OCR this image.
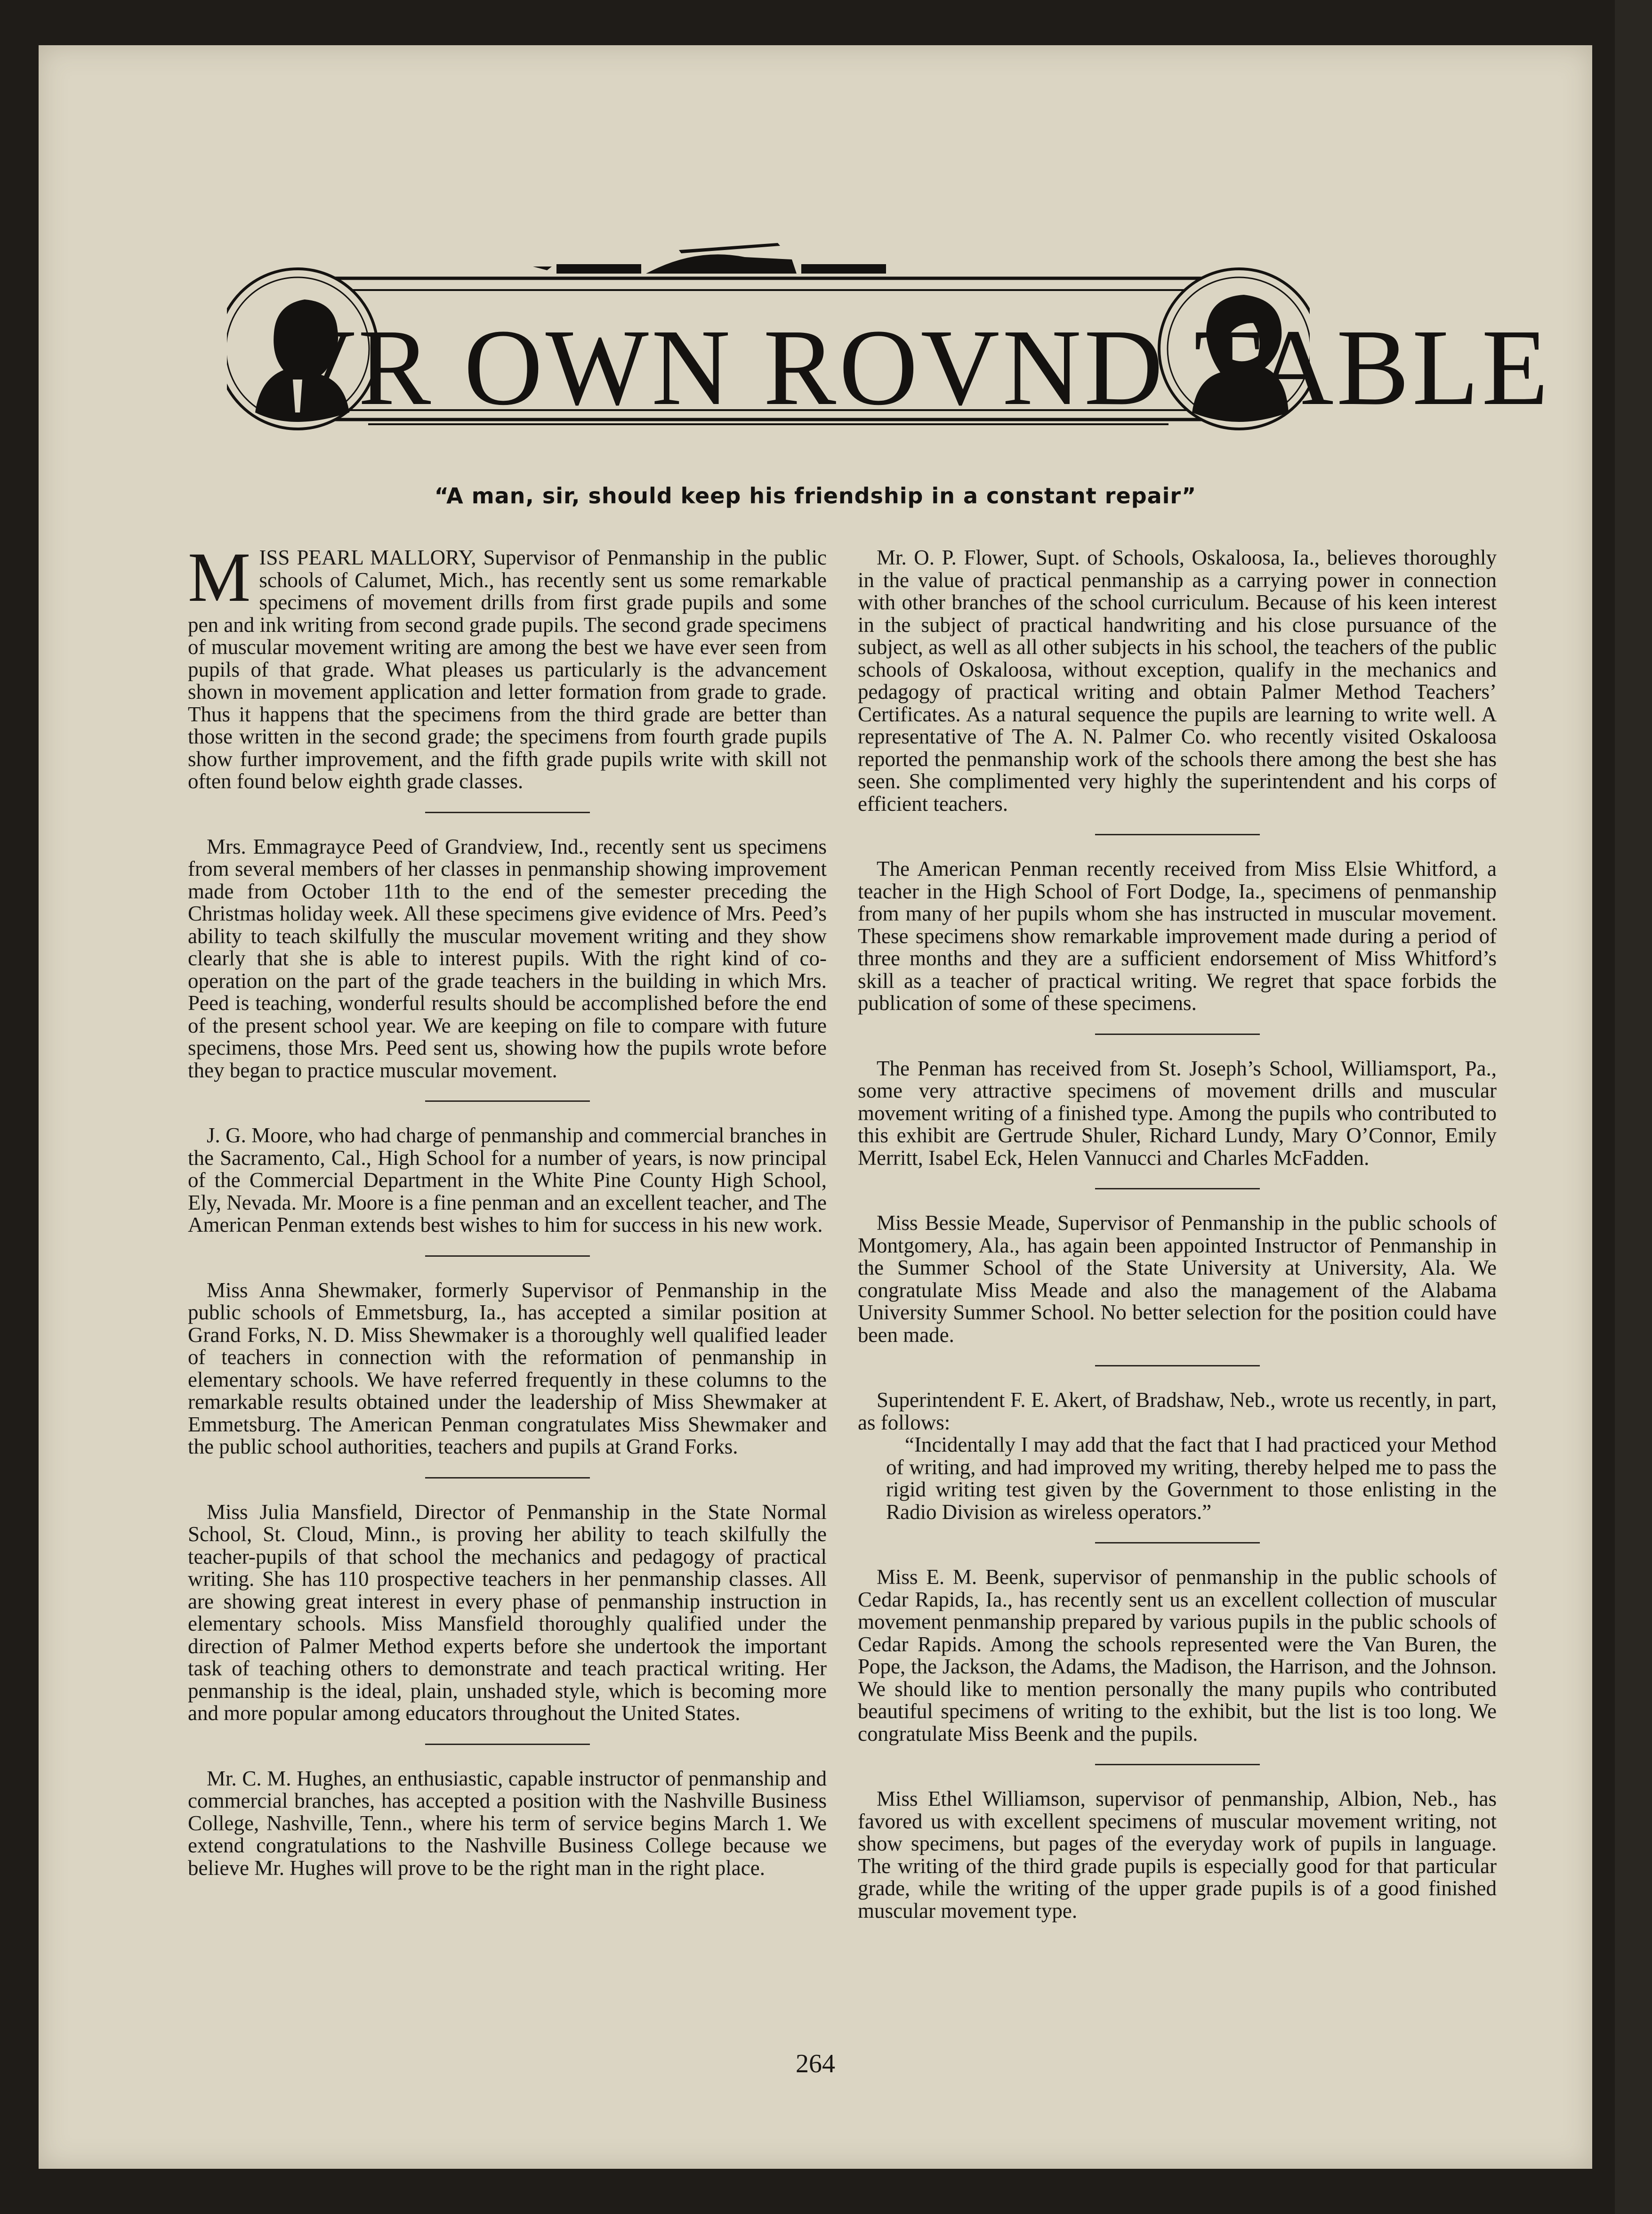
VR OWN ROVND TABLE
“A man, sir, should keep his friendship in a constant repair”

MISS PEARL MALLORY, Supervisor of Penmanship in the public schools of Calumet, Mich., has recently sent us some remarkable specimens of movement drills from first grade pupils and some pen and ink writing from second grade pupils. The second grade specimens of muscular movement writing are among the best we have ever seen from pupils of that grade. What pleases us particularly is the advancement shown in movement application and letter formation from grade to grade. Thus it happens that the specimens from the third grade are better than those written in the second grade; the specimens from fourth grade pupils show further improvement, and the fifth grade pupils write with skill not often found below eighth grade classes.

Mrs. Emmagrayce Peed of Grandview, Ind., recently sent us specimens from several members of her classes in penmanship showing improvement made from October 11th to the end of the semester preceding the Christmas holiday week. All these specimens give evidence of Mrs. Peed’s ability to teach skilfully the muscular movement writing and they show clearly that she is able to interest pupils. With the right kind of co-operation on the part of the grade teachers in the building in which Mrs. Peed is teaching, wonderful results should be accomplished before the end of the present school year. We are keeping on file to compare with future specimens, those Mrs. Peed sent us, showing how the pupils wrote before they began to practice muscular movement.

J. G. Moore, who had charge of penmanship and commercial branches in the Sacramento, Cal., High School for a number of years, is now principal of the Commercial Department in the White Pine County High School, Ely, Nevada. Mr. Moore is a fine penman and an excellent teacher, and The American Penman extends best wishes to him for success in his new work.

Miss Anna Shewmaker, formerly Supervisor of Penmanship in the public schools of Emmetsburg, Ia., has accepted a similar position at Grand Forks, N. D. Miss Shewmaker is a thoroughly well qualified leader of teachers in connection with the reformation of penmanship in elementary schools. We have referred frequently in these columns to the remarkable results obtained under the leadership of Miss Shewmaker at Emmetsburg. The American Penman congratulates Miss Shewmaker and the public school authorities, teachers and pupils at Grand Forks.

Miss Julia Mansfield, Director of Penmanship in the State Normal School, St. Cloud, Minn., is proving her ability to teach skilfully the teacher-pupils of that school the mechanics and pedagogy of practical writing. She has 110 prospective teachers in her penmanship classes. All are showing great interest in every phase of penmanship instruction in elementary schools. Miss Mansfield thoroughly qualified under the direction of Palmer Method experts before she undertook the important task of teaching others to demonstrate and teach practical writing. Her penmanship is the ideal, plain, unshaded style, which is becoming more and more popular among educators throughout the United States.

Mr. C. M. Hughes, an enthusiastic, capable instructor of penmanship and commercial branches, has accepted a position with the Nashville Business College, Nashville, Tenn., where his term of service begins March 1. We extend congratulations to the Nashville Business College because we believe Mr. Hughes will prove to be the right man in the right place.

Mr. O. P. Flower, Supt. of Schools, Oskaloosa, Ia., believes thoroughly in the value of practical penmanship as a carrying power in connection with other branches of the school curriculum. Because of his keen interest in the subject of practical handwriting and his close pursuance of the subject, as well as all other subjects in his school, the teachers of the public schools of Oskaloosa, without exception, qualify in the mechanics and pedagogy of practical writing and obtain Palmer Method Teachers’ Certificates. As a natural sequence the pupils are learning to write well. A representative of The A. N. Palmer Co. who recently visited Oskaloosa reported the penmanship work of the schools there among the best she has seen. She complimented very highly the superintendent and his corps of efficient teachers.

The American Penman recently received from Miss Elsie Whitford, a teacher in the High School of Fort Dodge, Ia., specimens of penmanship from many of her pupils whom she has instructed in muscular movement. These specimens show remarkable improvement made during a period of three months and they are a sufficient endorsement of Miss Whitford’s skill as a teacher of practical writing. We regret that space forbids the publication of some of these specimens.

The Penman has received from St. Joseph’s School, Williamsport, Pa., some very attractive specimens of movement drills and muscular movement writing of a finished type. Among the pupils who contributed to this exhibit are Gertrude Shuler, Richard Lundy, Mary O’Connor, Emily Merritt, Isabel Eck, Helen Vannucci and Charles McFadden.

Miss Bessie Meade, Supervisor of Penmanship in the public schools of Montgomery, Ala., has again been appointed Instructor of Penmanship in the Summer School of the State University at University, Ala. We congratulate Miss Meade and also the management of the Alabama University Summer School. No better selection for the position could have been made.

Superintendent F. E. Akert, of Bradshaw, Neb., wrote us recently, in part, as follows:

“Incidentally I may add that the fact that I had practiced your Method of writing, and had improved my writing, thereby helped me to pass the rigid writing test given by the Government to those enlisting in the Radio Division as wireless operators.”

Miss E. M. Beenk, supervisor of penmanship in the public schools of Cedar Rapids, Ia., has recently sent us an excellent collection of muscular movement penmanship prepared by various pupils in the public schools of Cedar Rapids. Among the schools represented were the Van Buren, the Pope, the Jackson, the Adams, the Madison, the Harrison, and the Johnson. We should like to mention personally the many pupils who contributed beautiful specimens of writing to the exhibit, but the list is too long. We congratulate Miss Beenk and the pupils.

Miss Ethel Williamson, supervisor of penmanship, Albion, Neb., has favored us with excellent specimens of muscular movement writing, not show specimens, but pages of the everyday work of pupils in language. The writing of the third grade pupils is especially good for that particular grade, while the writing of the upper grade pupils is of a good finished muscular movement type.

264
